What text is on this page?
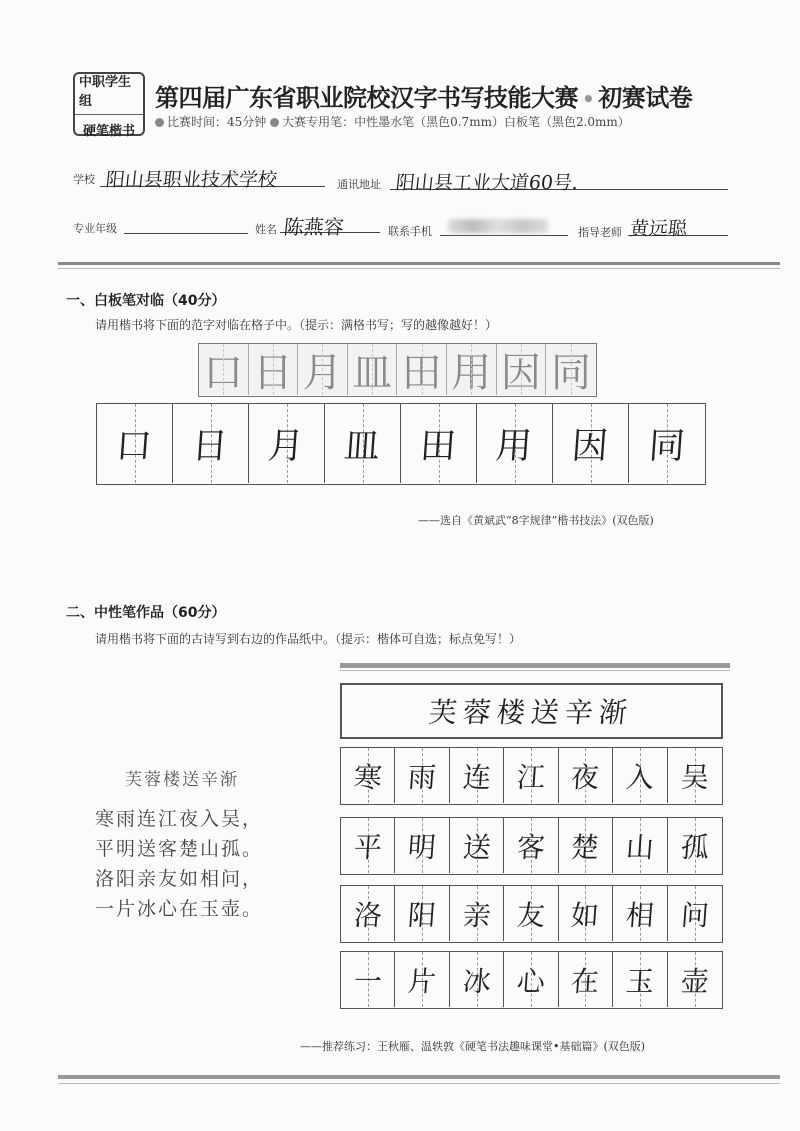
中职学生组
硬笔楷书
第四届广东省职业院校汉字书写技能大赛 • 初赛试卷
比赛时间：45分钟 大赛专用笔：中性墨水笔（黑色0.7mm）白板笔（黑色2.0mm）
学校 阳山县职业技术学校	通讯地址 阳山县工业大道60号.
专业年级	姓名 陈燕容	联系手机	指导老师 黄远聪
一、白板笔对临（40分）
请用楷书将下面的范字对临在格子中。（提示：满格书写；写的越像越好！）
口 日 月 皿 田 用 因 同
口 日 月 皿 田 用 因 同
——选自《黄斌武“8字规律”楷书技法》(双色版)
二、中性笔作品（60分）
请用楷书将下面的古诗写到右边的作品纸中。（提示：楷体可自选；标点免写！）
芙蓉楼送辛渐
寒雨连江夜入吴，
平明送客楚山孤。
洛阳亲友如相问，
一片冰心在玉壶。
芙蓉楼送辛渐
寒 雨 连 江 夜 入 吴
平 明 送 客 楚 山 孤
洛 阳 亲 友 如 相 问
一 片 冰 心 在 玉 壶
——推荐练习：王秋雁、温轶敦《硬笔书法趣味课堂•基础篇》(双色版)
